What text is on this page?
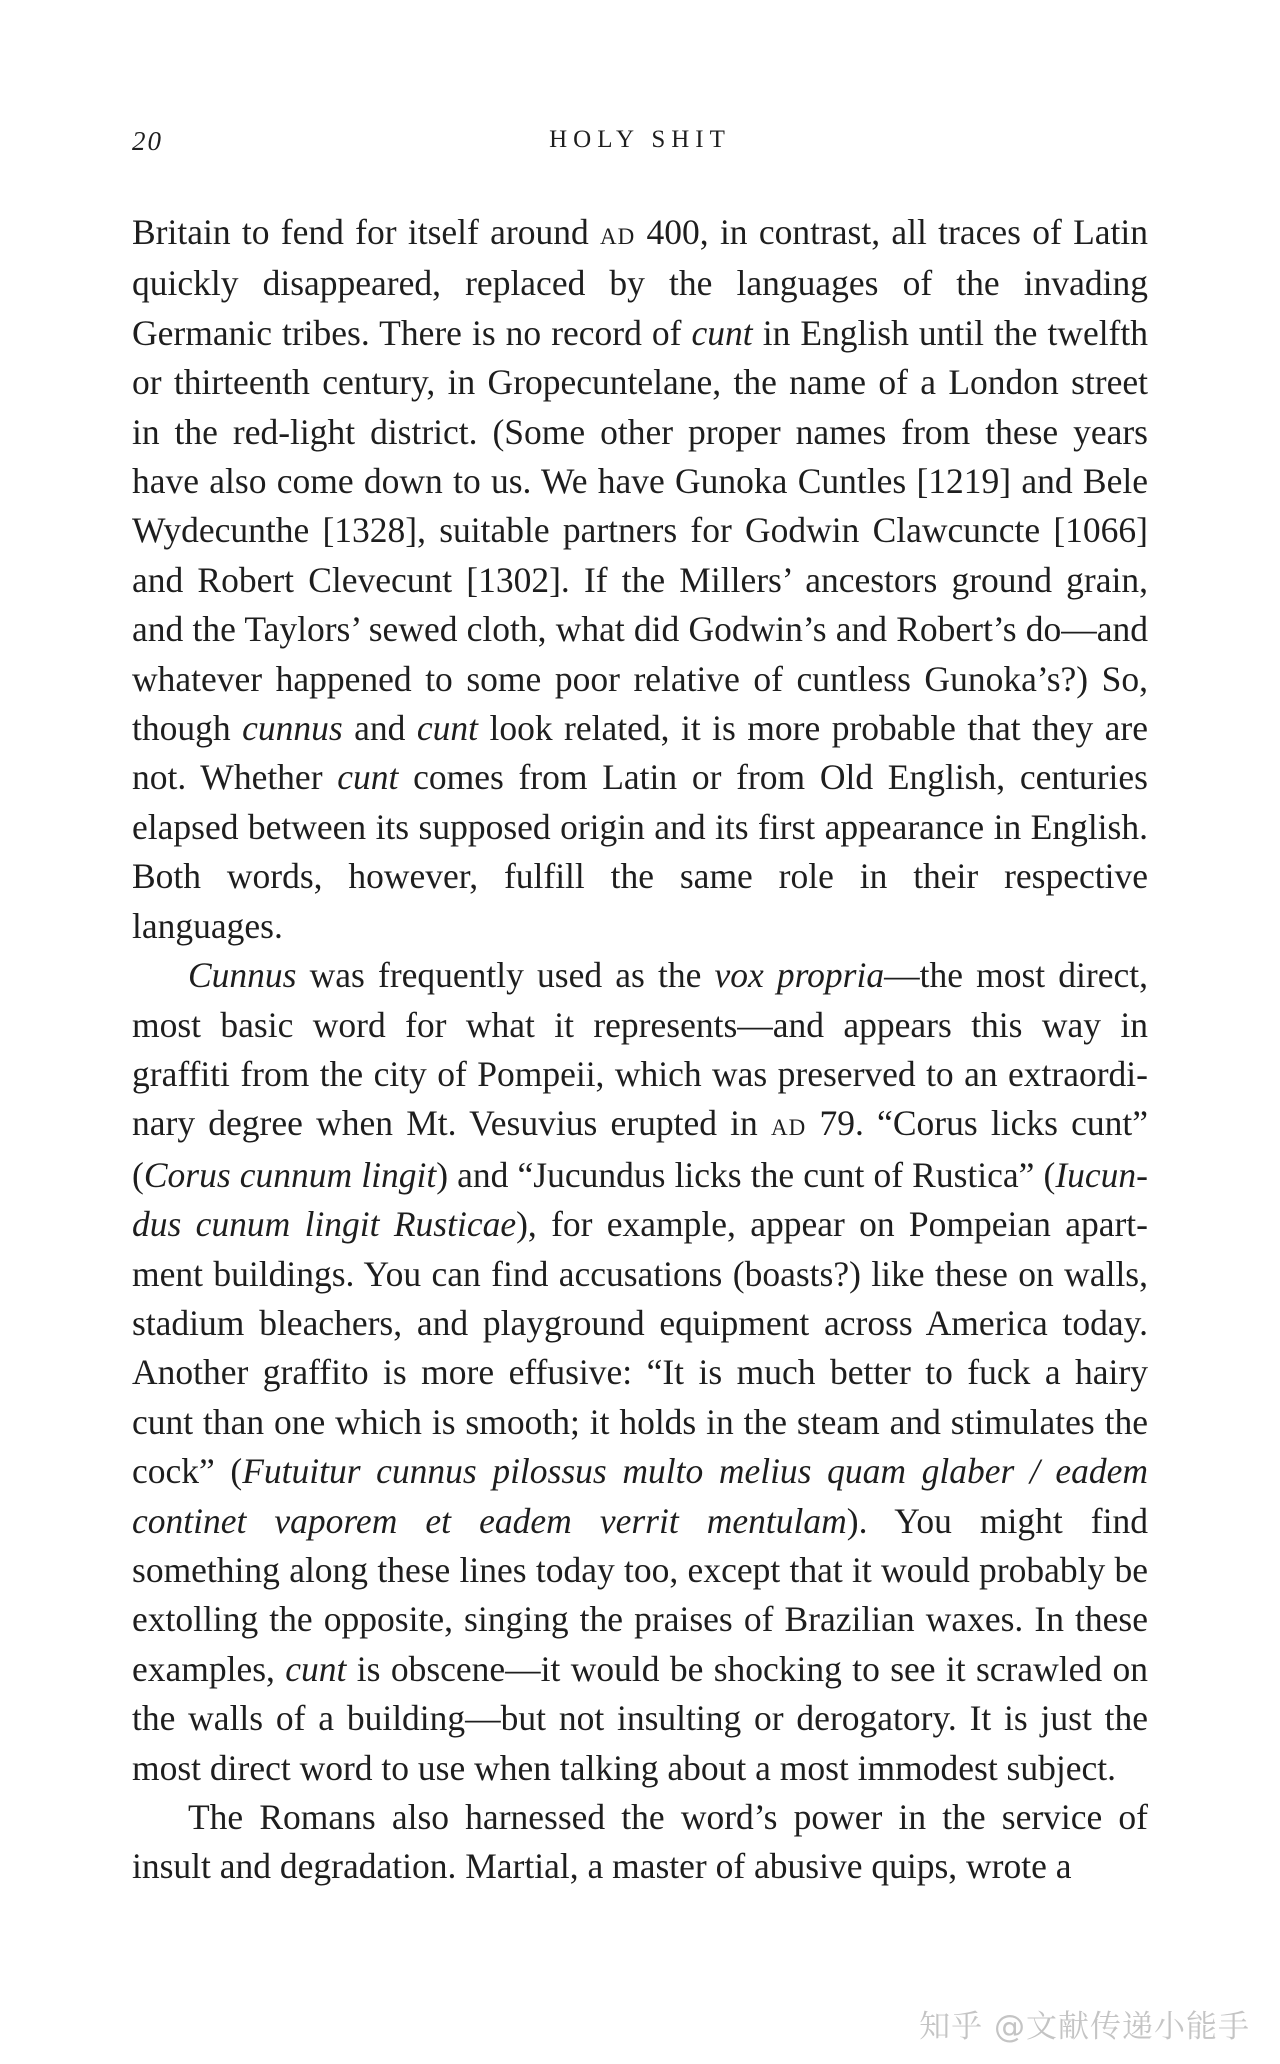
20	HOLY SHIT

Britain to fend for itself around ad 400, in contrast, all traces of Latin quickly disappeared, replaced by the languages of the invading Germanic tribes. There is no record of cunt in English until the twelfth or thirteenth century, in Gropecuntelane, the name of a London street in the red-light district. (Some other proper names from these years have also come down to us. We have Gunoka Cuntles [1219] and Bele Wydecunthe [1328], suitable partners for Godwin Clawcuncte [1066] and Robert Clevecunt [1302]. If the Millers’ ancestors ground grain, and the Taylors’ sewed cloth, what did Godwin’s and Robert’s do—and whatever happened to some poor relative of cuntless Gunoka’s?) So, though cunnus and cunt look related, it is more probable that they are not. Whether cunt comes from Latin or from Old English, centuries elapsed between its supposed origin and its first appearance in English. Both words, however, fulfill the same role in their respective languages.

Cunnus was frequently used as the vox propria—the most direct, most basic word for what it represents—and appears this way in graffiti from the city of Pompeii, which was preserved to an extraordinary degree when Mt. Vesuvius erupted in ad 79. “Corus licks cunt” (Corus cunnum lingit) and “Jucundus licks the cunt of Rustica” (Iucundus cunum lingit Rusticae), for example, appear on Pompeian apartment buildings. You can find accusations (boasts?) like these on walls, stadium bleachers, and playground equipment across America today. Another graffito is more effusive: “It is much better to fuck a hairy cunt than one which is smooth; it holds in the steam and stimulates the cock” (Futuitur cunnus pilossus multo melius quam glaber / eadem continet vaporem et eadem verrit mentulam). You might find something along these lines today too, except that it would probably be extolling the opposite, singing the praises of Brazilian waxes. In these examples, cunt is obscene—it would be shocking to see it scrawled on the walls of a building—but not insulting or derogatory. It is just the most direct word to use when talking about a most immodest subject.

The Romans also harnessed the word’s power in the service of insult and degradation. Martial, a master of abusive quips, wrote a

知乎 @文献传递小能手
